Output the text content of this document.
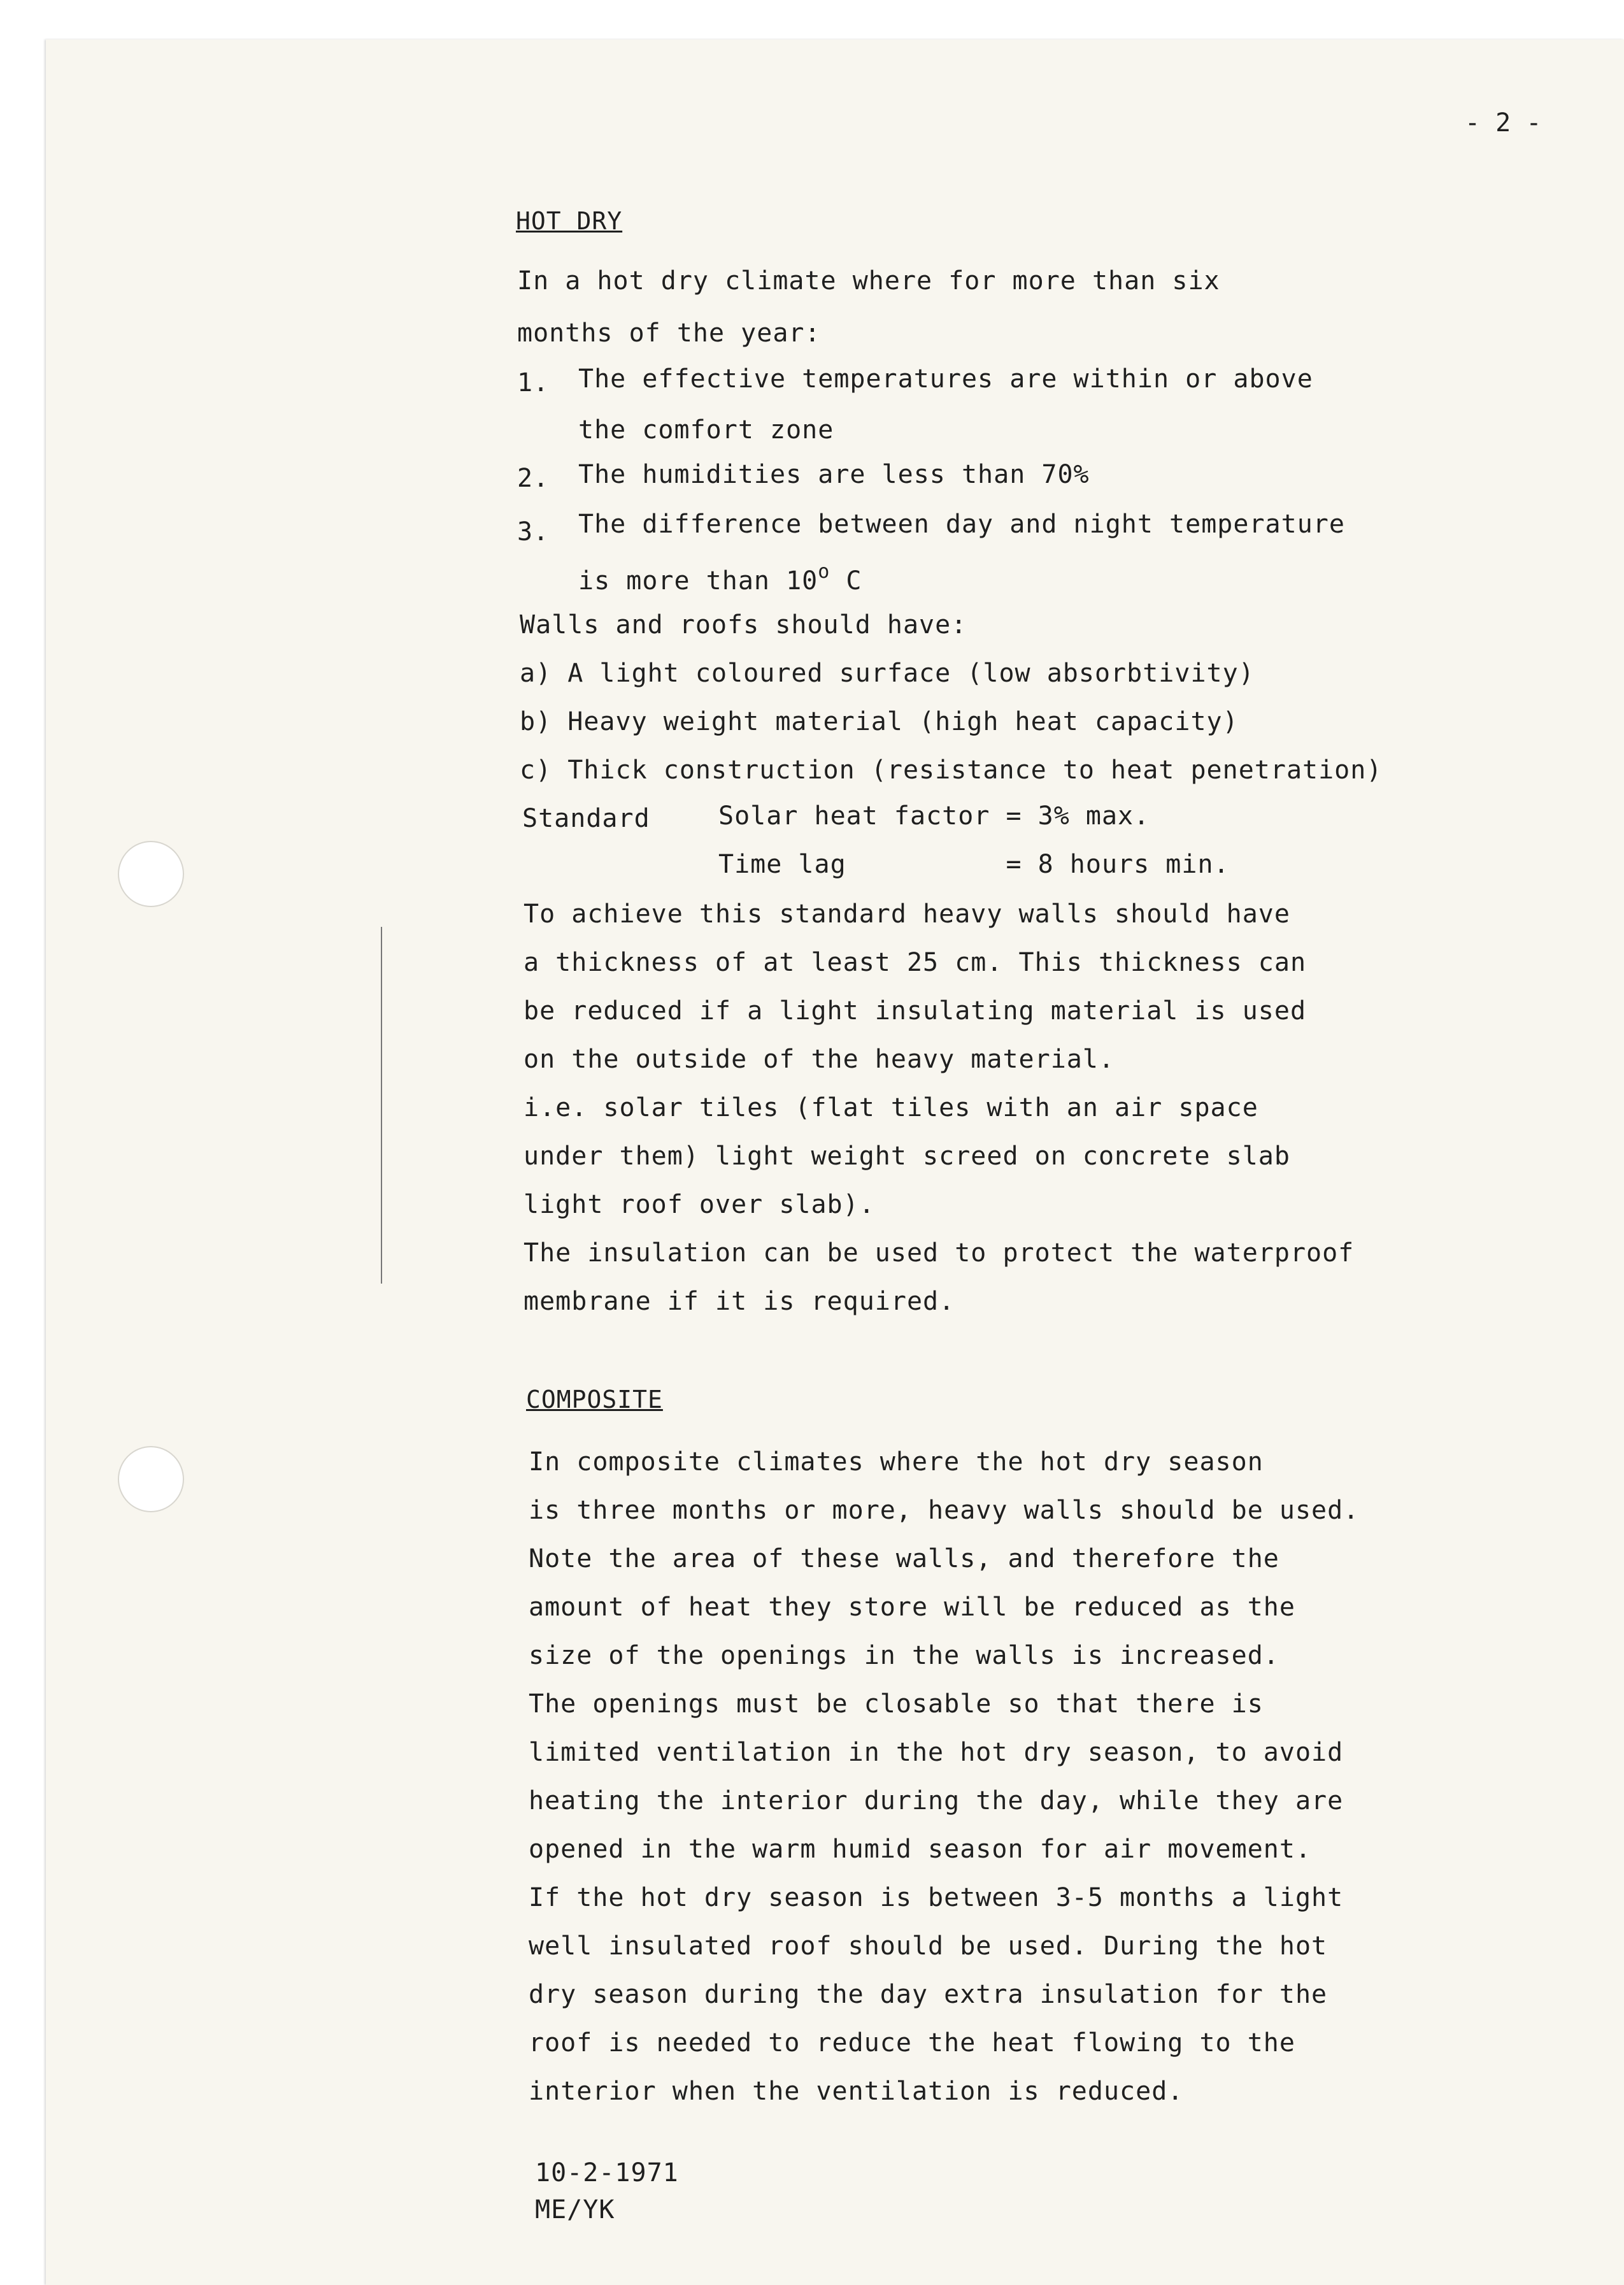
- 2 -
HOT DRY
In a hot dry climate where for more than six
months of the year:
1. The effective temperatures are within or above
the comfort zone
2. The humidities are less than 70%
3. The difference between day and night temperature
is more than 10$^o$ C
Walls and roofs should have:
a) A light coloured surface (low absorbtivity)
b) Heavy weight material (high heat capacity)
c) Thick construction (resistance to heat penetration)
Standard	Solar heat factor = 3% max.
Time lag          = 8 hours min.
To achieve this standard heavy walls should have
a thickness of at least 25 cm. This thickness can
be reduced if a light insulating material is used
on the outside of the heavy material.
i.e. solar tiles (flat tiles with an air space
under them) light weight screed on concrete slab
light roof over slab).
The insulation can be used to protect the waterproof
membrane if it is required.
COMPOSITE
In composite climates where the hot dry season
is three months or more, heavy walls should be used.
Note the area of these walls, and therefore the
amount of heat they store will be reduced as the
size of the openings in the walls is increased.
The openings must be closable so that there is
limited ventilation in the hot dry season, to avoid
heating the interior during the day, while they are
opened in the warm humid season for air movement.
If the hot dry season is between 3-5 months a light
well insulated roof should be used. During the hot
dry season during the day extra insulation for the
roof is needed to reduce the heat flowing to the
interior when the ventilation is reduced.
10-2-1971
ME/YK
